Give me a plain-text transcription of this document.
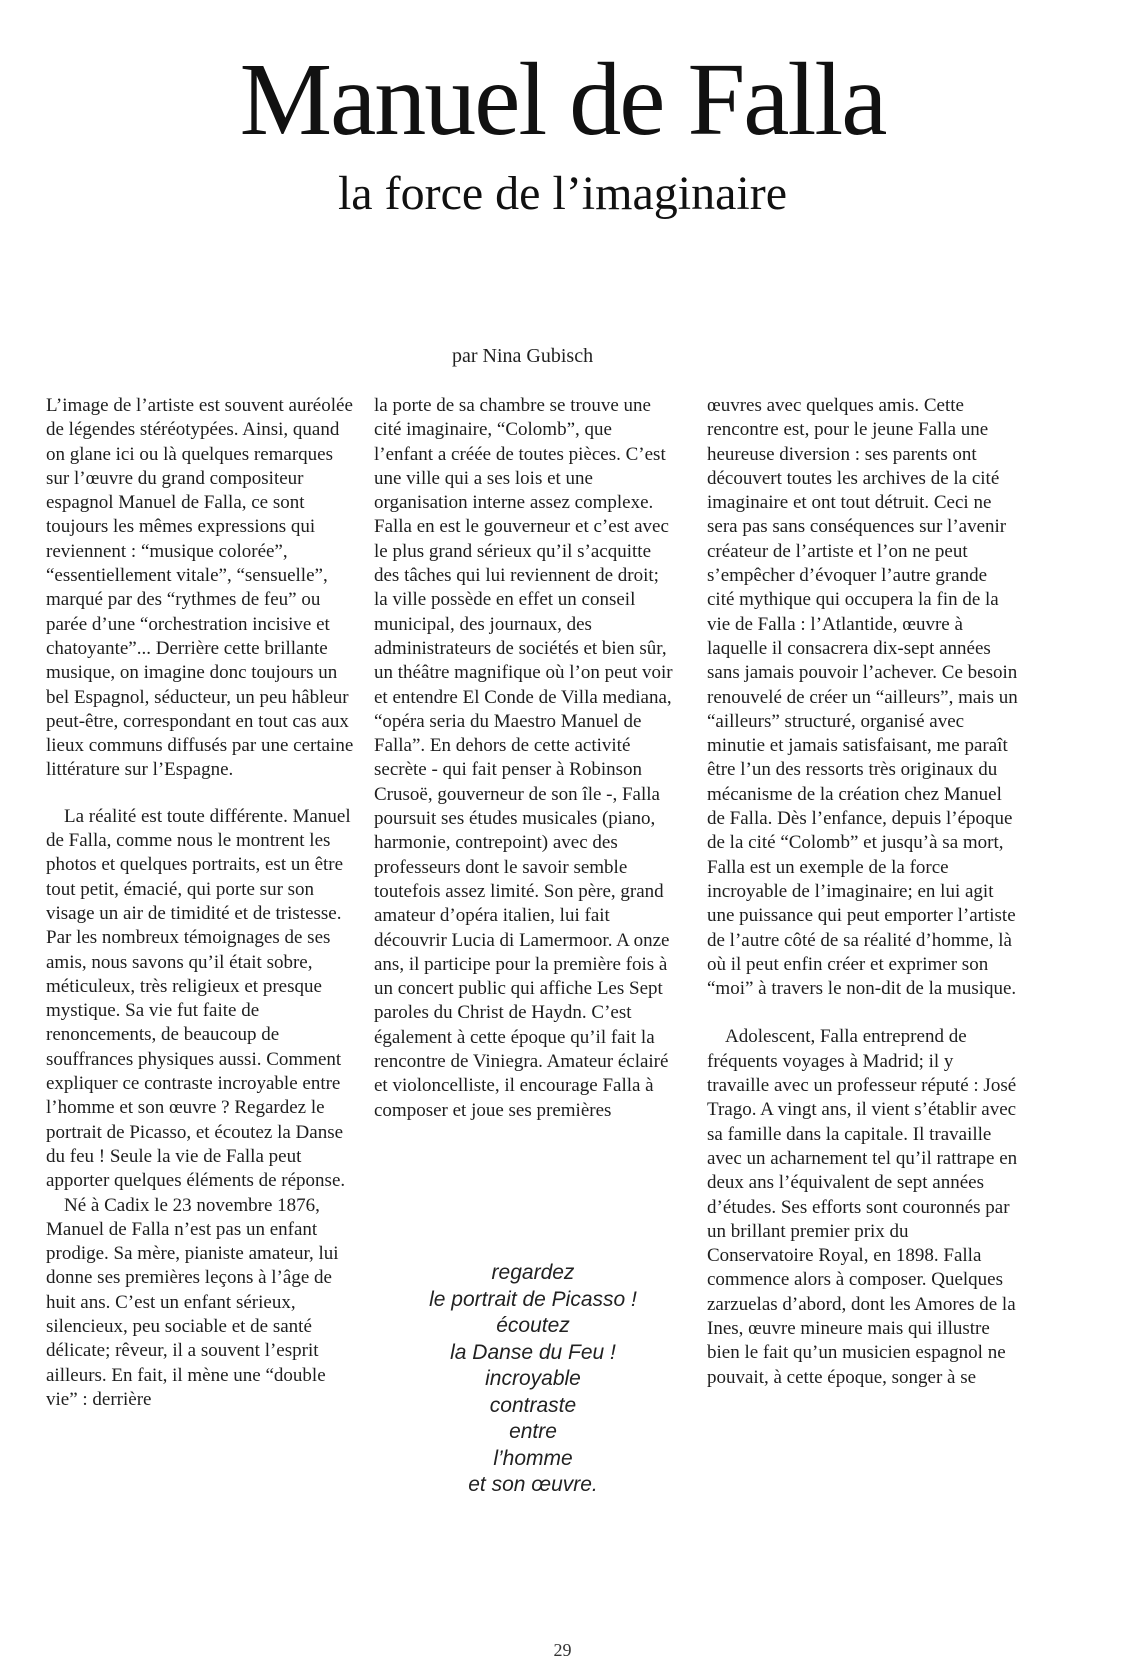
Manuel de Falla
la force de l’imaginaire
par Nina Gubisch

L’image de l’artiste est souvent auréolée de légendes stéréotypées. Ainsi, quand on glane ici ou là quelques remarques sur l’œuvre du grand compositeur espagnol Manuel de Falla, ce sont toujours les mêmes expressions qui reviennent : “musique colorée”, “essentiellement vitale”, “sensuelle”, marqué par des “rythmes de feu” ou parée d’une “orchestration incisive et chatoyante”... Derrière cette brillante musique, on imagine donc toujours un bel Espagnol, séducteur, un peu hâbleur peut-être, correspondant en tout cas aux lieux communs diffusés par une certaine littérature sur l’Espagne.

La réalité est toute différente. Manuel de Falla, comme nous le montrent les photos et quelques portraits, est un être tout petit, émacié, qui porte sur son visage un air de timidité et de tristesse. Par les nombreux témoignages de ses amis, nous savons qu’il était sobre, méticuleux, très religieux et presque mystique. Sa vie fut faite de renoncements, de beaucoup de souffrances physiques aussi. Comment expliquer ce contraste incroyable entre l’homme et son œuvre ? Regardez le portrait de Picasso, et écoutez la Danse du feu ! Seule la vie de Falla peut apporter quelques éléments de réponse.

Né à Cadix le 23 novembre 1876, Manuel de Falla n’est pas un enfant prodige. Sa mère, pianiste amateur, lui donne ses premières leçons à l’âge de huit ans. C’est un enfant sérieux, silencieux, peu sociable et de santé délicate; rêveur, il a souvent l’esprit ailleurs. En fait, il mène une “double vie” : derrière

la porte de sa chambre se trouve une cité imaginaire, “Colomb”, que l’enfant a créée de toutes pièces. C’est une ville qui a ses lois et une organisation interne assez complexe. Falla en est le gouverneur et c’est avec le plus grand sérieux qu’il s’acquitte des tâches qui lui reviennent de droit; la ville possède en effet un conseil municipal, des journaux, des administrateurs de sociétés et bien sûr, un théâtre magnifique où l’on peut voir et entendre El Conde de Villa mediana, “opéra seria du Maestro Manuel de Falla”. En dehors de cette activité secrète - qui fait penser à Robinson Crusoë, gouverneur de son île -, Falla poursuit ses études musicales (piano, harmonie, contrepoint) avec des professeurs dont le savoir semble toutefois assez limité. Son père, grand amateur d’opéra italien, lui fait découvrir Lucia di Lamermoor. A onze ans, il participe pour la première fois à un concert public qui affiche Les Sept paroles du Christ de Haydn. C’est également à cette époque qu’il fait la rencontre de Viniegra. Amateur éclairé et violoncelliste, il encourage Falla à composer et joue ses premières

œuvres avec quelques amis. Cette rencontre est, pour le jeune Falla une heureuse diversion : ses parents ont découvert toutes les archives de la cité imaginaire et ont tout détruit. Ceci ne sera pas sans conséquences sur l’avenir créateur de l’artiste et l’on ne peut s’empêcher d’évoquer l’autre grande cité mythique qui occupera la fin de la vie de Falla : l’Atlantide, œuvre à laquelle il consacrera dix-sept années sans jamais pouvoir l’achever. Ce besoin renouvelé de créer un “ailleurs”, mais un “ailleurs” structuré, organisé avec minutie et jamais satisfaisant, me paraît être l’un des ressorts très originaux du mécanisme de la création chez Manuel de Falla. Dès l’enfance, depuis l’époque de la cité “Colomb” et jusqu’à sa mort, Falla est un exemple de la force incroyable de l’imaginaire; en lui agit une puissance qui peut emporter l’artiste de l’autre côté de sa réalité d’homme, là où il peut enfin créer et exprimer son “moi” à travers le non-dit de la musique.

Adolescent, Falla entreprend de fréquents voyages à Madrid; il y travaille avec un professeur réputé : José Trago. A vingt ans, il vient s’établir avec sa famille dans la capitale. Il travaille avec un acharnement tel qu’il rattrape en deux ans l’équivalent de sept années d’études. Ses efforts sont couronnés par un brillant premier prix du Conservatoire Royal, en 1898. Falla commence alors à composer. Quelques zarzuelas d’abord, dont les Amores de la Ines, œuvre mineure mais qui illustre bien le fait qu’un musicien espagnol ne pouvait, à cette époque, songer à se

regardez
le portrait de Picasso !
écoutez
la Danse du Feu !
incroyable
contraste
entre
l’homme
et son œuvre.
29
